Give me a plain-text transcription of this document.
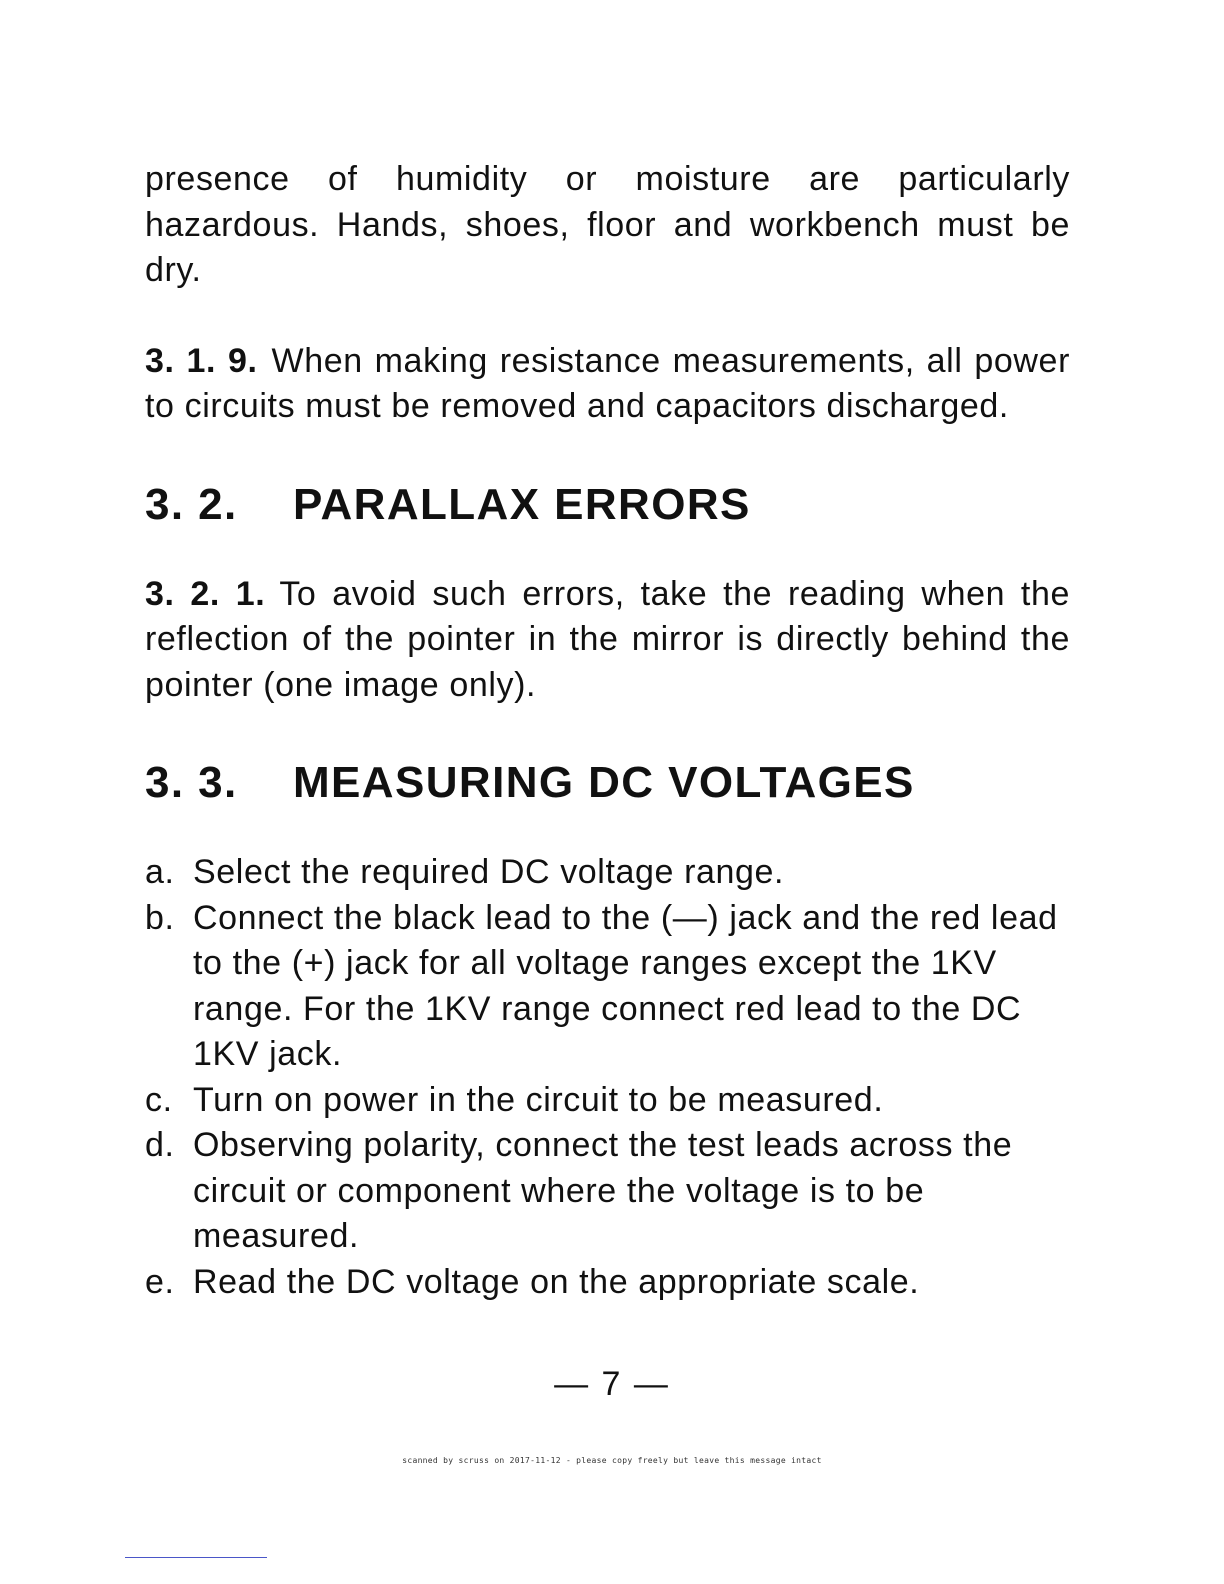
presence of humidity or moisture are particularly hazardous. Hands, shoes, floor and workbench must be dry.

3. 1. 9. When making resistance measurements, all power to circuits must be removed and capacitors discharged.

3. 2.	PARALLAX ERRORS

3. 2. 1. To avoid such errors, take the reading when the reflection of the pointer in the mirror is directly behind the pointer (one image only).

3. 3.	MEASURING DC VOLTAGES
a. Select the required DC voltage range.
b. Connect the black lead to the (—) jack and the red lead to the (+) jack for all voltage ranges except the 1KV range. For the 1KV range connect red lead to the DC 1KV jack.
c. Turn on power in the circuit to be measured.
d. Observing polarity, connect the test leads across the circuit or component where the voltage is to be measured.
e. Read the DC voltage on the appropriate scale.
— 7 —
scanned by scruss on 2017-11-12 - please copy freely but leave this message intact
